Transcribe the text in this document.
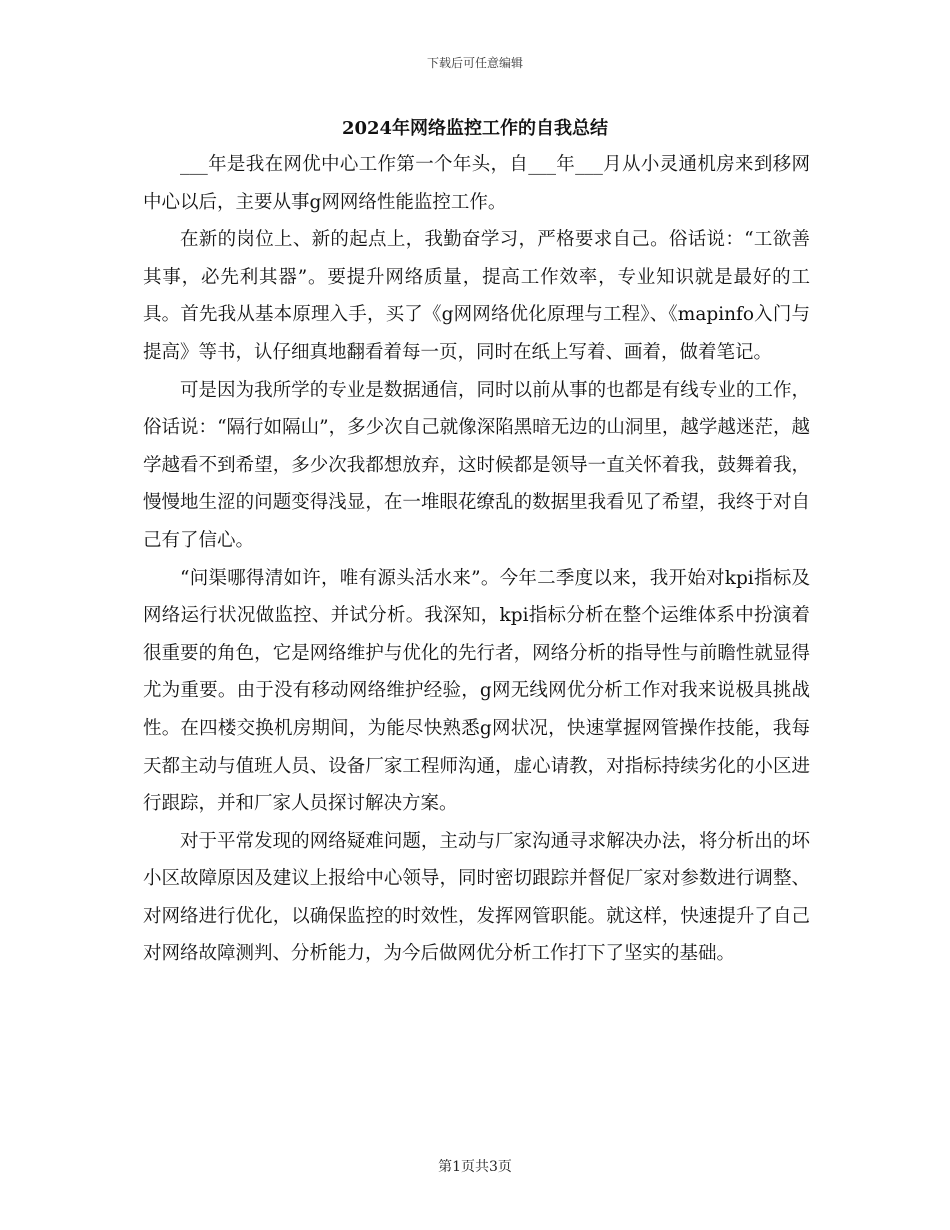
下载后可任意编辑
2024年网络监控工作的自我总结

___年是我在网优中心工作第一个年头，自___年___月从小灵通机房来到移网中心以后，主要从事g网网络性能监控工作。

在新的岗位上、新的起点上，我勤奋学习，严格要求自己。俗话说：“工欲善其事，必先利其器”。要提升网络质量，提高工作效率，专业知识就是最好的工具。首先我从基本原理入手，买了《g网网络优化原理与工程》、《mapinfo入门与提高》等书，认仔细真地翻看着每一页，同时在纸上写着、画着，做着笔记。

可是因为我所学的专业是数据通信，同时以前从事的也都是有线专业的工作，俗话说：“隔行如隔山”，多少次自己就像深陷黑暗无边的山洞里，越学越迷茫，越学越看不到希望，多少次我都想放弃，这时候都是领导一直关怀着我，鼓舞着我，慢慢地生涩的问题变得浅显，在一堆眼花缭乱的数据里我看见了希望，我终于对自己有了信心。

“问渠哪得清如许，唯有源头活水来”。今年二季度以来，我开始对kpi指标及网络运行状况做监控、并试分析。我深知，kpi指标分析在整个运维体系中扮演着很重要的角色，它是网络维护与优化的先行者，网络分析的指导性与前瞻性就显得尤为重要。由于没有移动网络维护经验，g网无线网优分析工作对我来说极具挑战性。在四楼交换机房期间，为能尽快熟悉g网状况，快速掌握网管操作技能，我每天都主动与值班人员、设备厂家工程师沟通，虚心请教，对指标持续劣化的小区进行跟踪，并和厂家人员探讨解决方案。

对于平常发现的网络疑难问题，主动与厂家沟通寻求解决办法，将分析出的坏小区故障原因及建议上报给中心领导，同时密切跟踪并督促厂家对参数进行调整、对网络进行优化，以确保监控的时效性，发挥网管职能。就这样，快速提升了自己对网络故障测判、分析能力，为今后做网优分析工作打下了坚实的基础。

第1页共3页
